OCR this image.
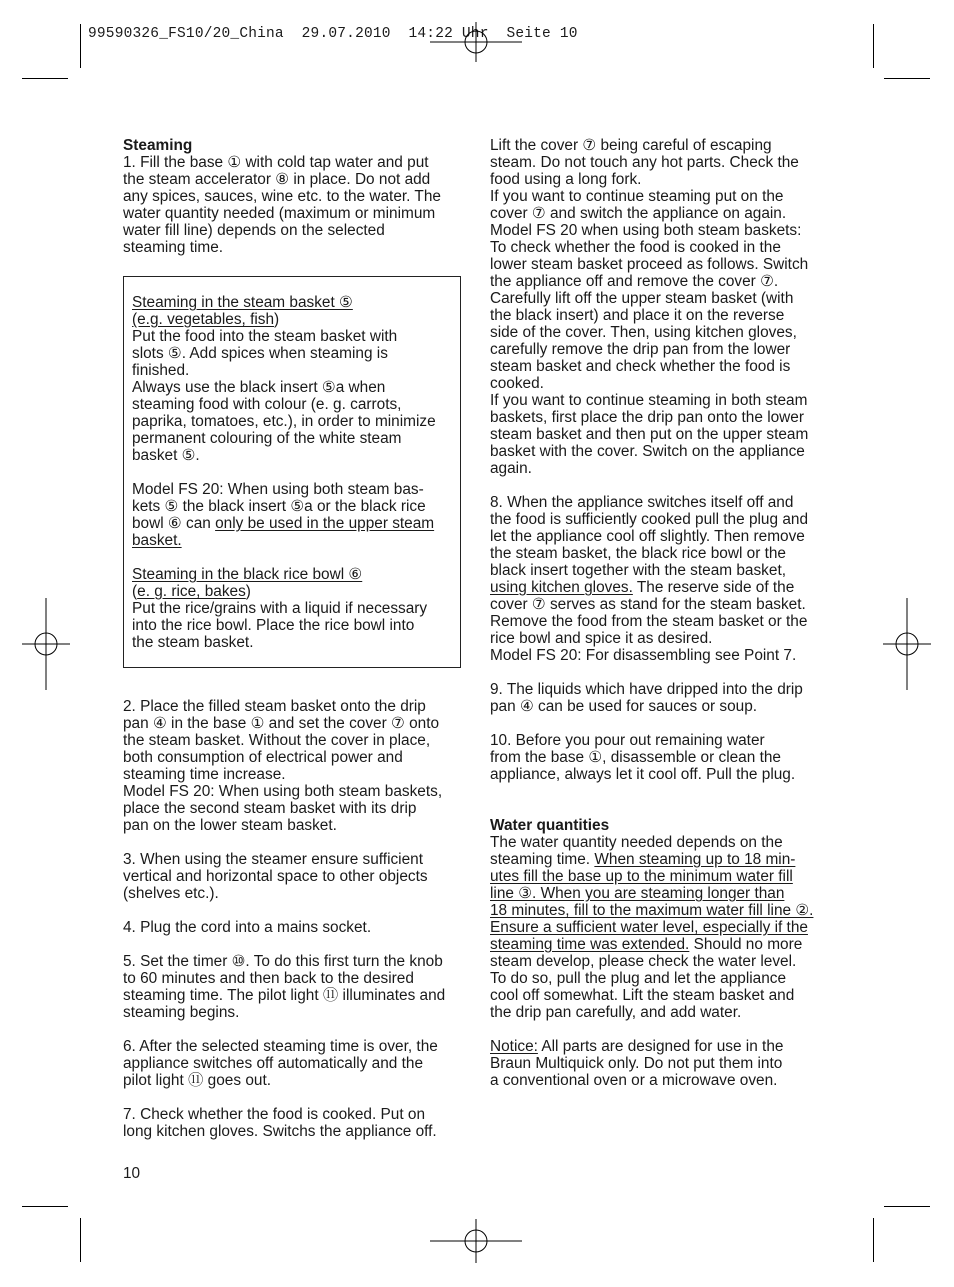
99590326_FS10/20_China 29.07.2010 14:22 Uhr Seite 10

Steaming

1. Fill the base ① with cold tap water and put

the steam accelerator ⑧ in place. Do not add

any spices, sauces, wine etc. to the water. The

water quantity needed (maximum or minimum

water fill line) depends on the selected

steaming time.

Steaming in the steam basket ⑤

(e.g. vegetables, fish)

Put the food into the steam basket with

slots ⑤. Add spices when steaming is

finished.

Always use the black insert ⑤a when

steaming food with colour (e. g. carrots,

paprika, tomatoes, etc.), in order to minimize

permanent colouring of the white steam

basket ⑤.

Model FS 20: When using both steam bas-

kets ⑤ the black insert ⑤a or the black rice

bowl ⑥ can only be used in the upper steam

basket.

Steaming in the black rice bowl ⑥

(e. g. rice, bakes)

Put the rice/grains with a liquid if necessary

into the rice bowl. Place the rice bowl into

the steam basket.

2. Place the filled steam basket onto the drip

pan ④ in the base ① and set the cover ⑦ onto

the steam basket. Without the cover in place,

both consumption of electrical power and

steaming time increase.

Model FS 20: When using both steam baskets,

place the second steam basket with its drip

pan on the lower steam basket.

3. When using the steamer ensure sufficient

vertical and horizontal space to other objects

(shelves etc.).

4. Plug the cord into a mains socket.

5. Set the timer ⑩. To do this first turn the knob

to 60 minutes and then back to the desired

steaming time. The pilot light ⑪ illuminates and

steaming begins.

6. After the selected steaming time is over, the

appliance switches off automatically and the

pilot light ⑪ goes out.

7. Check whether the food is cooked. Put on

long kitchen gloves. Switchs the appliance off.

Lift the cover ⑦ being careful of escaping

steam. Do not touch any hot parts. Check the

food using a long fork.

If you want to continue steaming put on the

cover ⑦ and switch the appliance on again.

Model FS 20 when using both steam baskets:

To check whether the food is cooked in the

lower steam basket proceed as follows. Switch

the appliance off and remove the cover ⑦.

Carefully lift off the upper steam basket (with

the black insert) and place it on the reverse

side of the cover. Then, using kitchen gloves,

carefully remove the drip pan from the lower

steam basket and check whether the food is

cooked.

If you want to continue steaming in both steam

baskets, first place the drip pan onto the lower

steam basket and then put on the upper steam

basket with the cover. Switch on the appliance

again.

8. When the appliance switches itself off and

the food is sufficiently cooked pull the plug and

let the appliance cool off slightly. Then remove

the steam basket, the black rice bowl or the

black insert together with the steam basket,

using kitchen gloves. The reserve side of the

cover ⑦ serves as stand for the steam basket.

Remove the food from the steam basket or the

rice bowl and spice it as desired.

Model FS 20: For disassembling see Point 7.

9. The liquids which have dripped into the drip

pan ④ can be used for sauces or soup.

10. Before you pour out remaining water

from the base ①, disassemble or clean the

appliance, always let it cool off. Pull the plug.

Water quantities

The water quantity needed depends on the

steaming time. When steaming up to 18 min-

utes fill the base up to the minimum water fill

line ③. When you are steaming longer than

18 minutes, fill to the maximum water fill line ②.

Ensure a sufficient water level, especially if the

steaming time was extended. Should no more

steam develop, please check the water level.

To do so, pull the plug and let the appliance

cool off somewhat. Lift the steam basket and

the drip pan carefully, and add water.

Notice: All parts are designed for use in the

Braun Multiquick only. Do not put them into

a conventional oven or a microwave oven.

10
